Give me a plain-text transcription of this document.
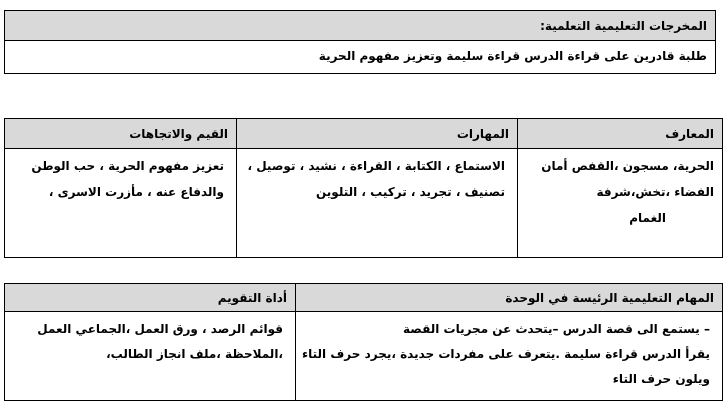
المخرجات التعليمية التعلمية:
طلبة قادرين على قراءة الدرس قراءة سليمة وتعزيز مفهوم الحرية
المعارف
المهارات
القيم والاتجاهات
الحرية، مسجون ،القفص أمان
الفضاء ،تخش،شرفة
الغمام
الاستماع ، الكتابة ، القراءة ، نشيد ، توصيل ،
تصنيف ، تجريد ، تركيب ، التلوين
تعزيز مفهوم الحرية ، حب الوطن
والدفاع عنه ، مأزرت الاسرى ،
المهام التعليمية الرئيسة في الوحدة
أداة التقويم
– يستمع الى قصة الدرس –يتحدث عن مجريات القصة
يقرأ الدرس قراءة سليمة .يتعرف على مفردات جديدة ،يجرد حرف التاء
ويلون حرف التاء
قوائم الرصد ، ورق العمل ،الجماعي العمل
،الملاحظة ،ملف انجاز الطالب،
